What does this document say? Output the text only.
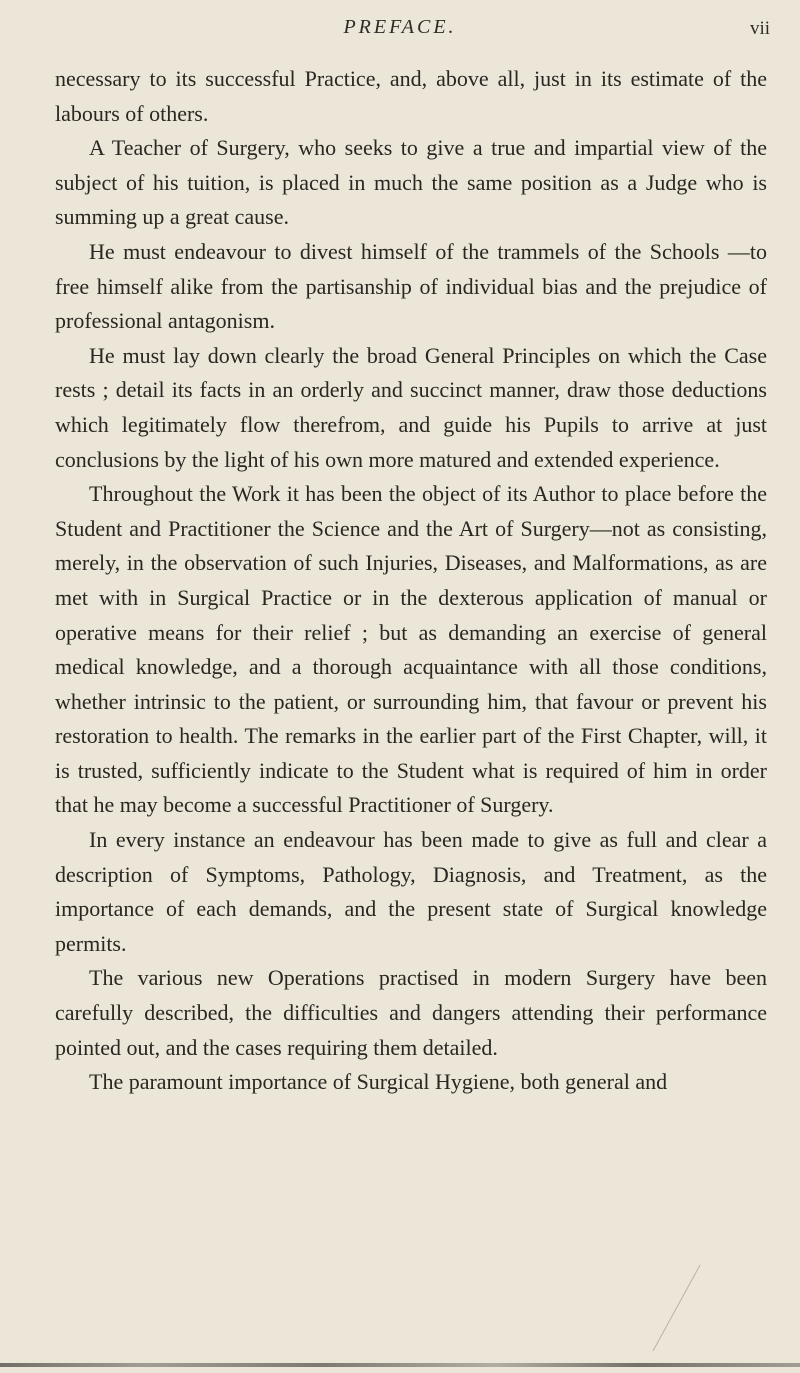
PREFACE.	vii

necessary to its successful Practice, and, above all, just in its estimate of the labours of others.

A Teacher of Surgery, who seeks to give a true and impartial view of the subject of his tuition, is placed in much the same position as a Judge who is summing up a great cause.

He must endeavour to divest himself of the trammels of the Schools —to free himself alike from the partisanship of individual bias and the prejudice of professional antagonism.

He must lay down clearly the broad General Principles on which the Case rests ; detail its facts in an orderly and succinct manner, draw those deductions which legitimately flow therefrom, and guide his Pupils to arrive at just conclusions by the light of his own more matured and extended experience.

Throughout the Work it has been the object of its Author to place before the Student and Practitioner the Science and the Art of Surgery—not as consisting, merely, in the observation of such Injuries, Diseases, and Malformations, as are met with in Surgical Practice or in the dexterous application of manual or operative means for their relief ; but as demanding an exercise of general medical knowledge, and a thorough acquaintance with all those conditions, whether intrinsic to the patient, or surrounding him, that favour or prevent his restoration to health. The remarks in the earlier part of the First Chapter, will, it is trusted, sufficiently indicate to the Student what is required of him in order that he may become a successful Practitioner of Surgery.

In every instance an endeavour has been made to give as full and clear a description of Symptoms, Pathology, Diagnosis, and Treatment, as the importance of each demands, and the present state of Surgical knowledge permits.

The various new Operations practised in modern Surgery have been carefully described, the difficulties and dangers attending their performance pointed out, and the cases requiring them detailed.

The paramount importance of Surgical Hygiene, both general and
